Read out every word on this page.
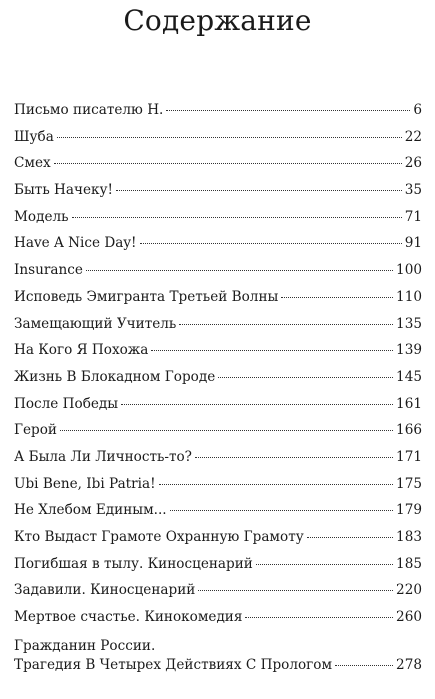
Содержание
Письмо писателю Н.	6
Шуба	22
Смех	26
Быть Начеку!	35
Модель	71
Have A Nice Day!	91
Insurance	100
Исповедь Эмигранта Третьей Волны	110
Замещающий Учитель	135
На Кого Я Похожа	139
Жизнь В Блокадном Городе	145
После Победы	161
Герой	166
А Была Ли Личность-то?	171
Ubi Bene, Ibi Patria!	175
Не Хлебом Единым...	179
Кто Выдаст Грамоте Охранную Грамоту	183
Погибшая в тылу. Киносценарий	185
Задавили. Киносценарий	220
Мертвое счастье. Кинокомедия	260
Гражданин России.
Трагедия В Четырех Действиях С Прологом	278
